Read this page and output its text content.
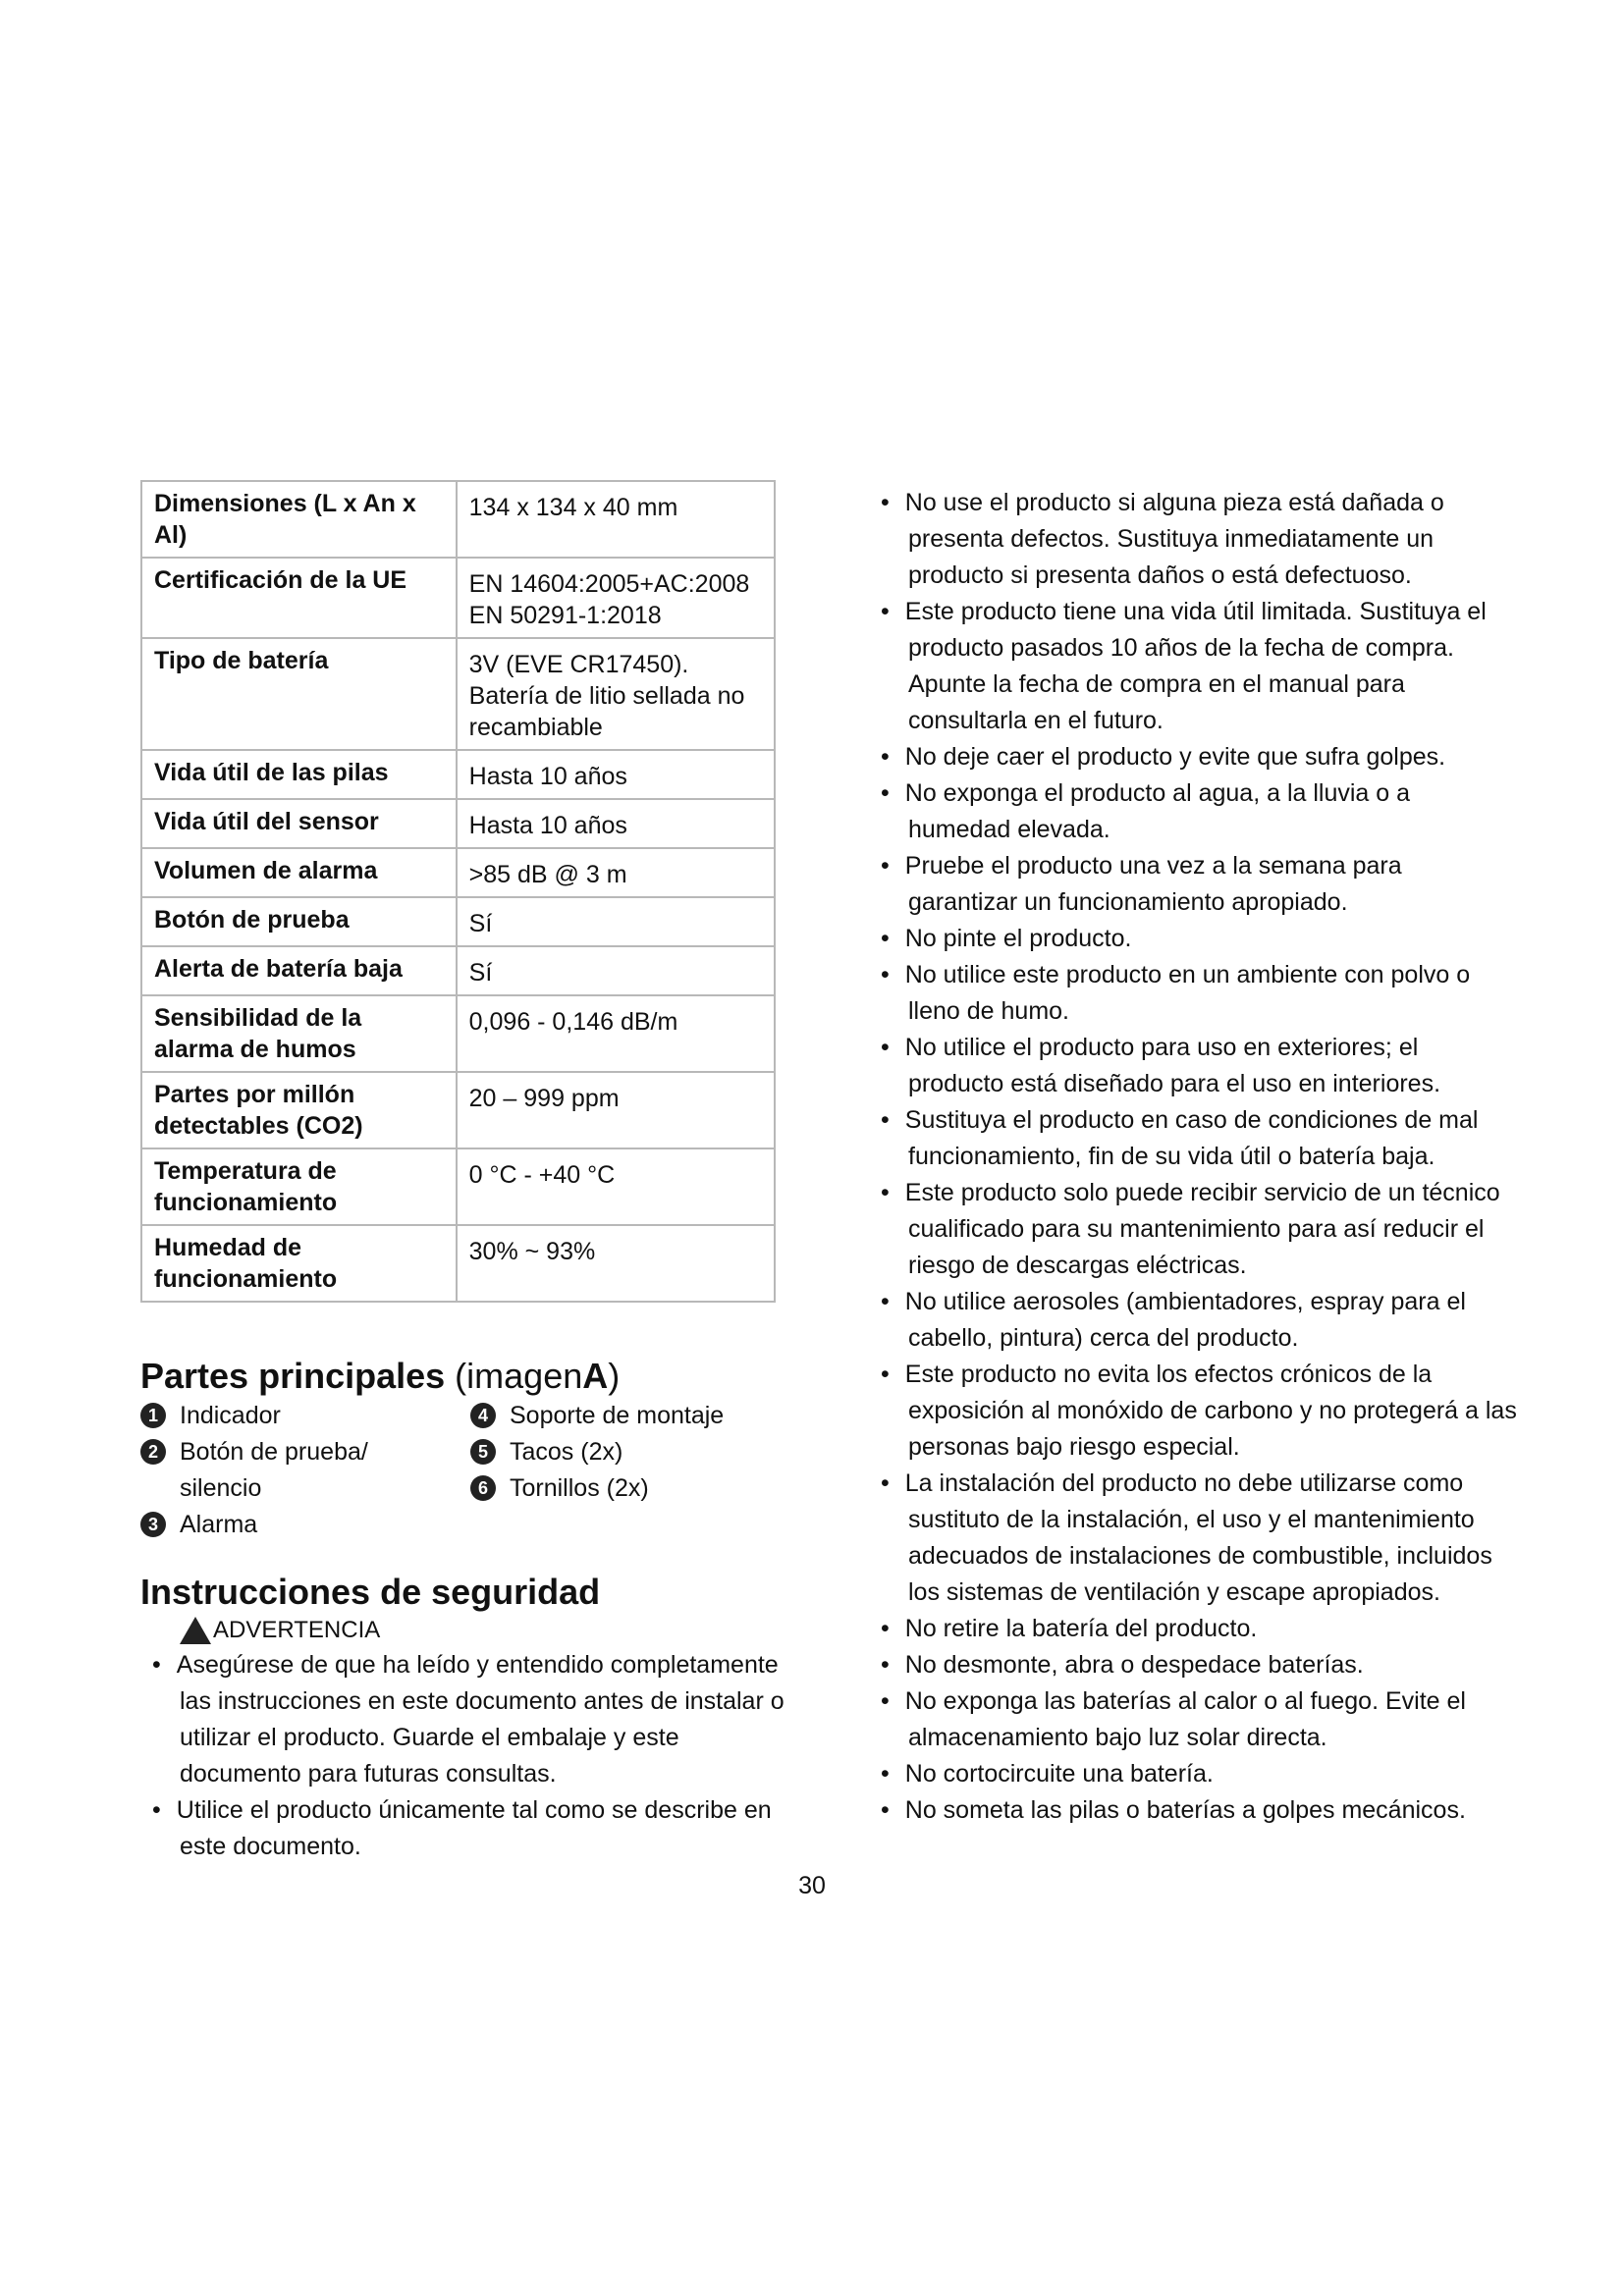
Dimensiones (L x An x Al)	134 x 134 x 40 mm
Certificación de la UE	EN 14604:2005+AC:2008 EN 50291-1:2018
Tipo de batería	3V (EVE CR17450). Batería de litio sellada no recambiable
Vida útil de las pilas	Hasta 10 años
Vida útil del sensor	Hasta 10 años
Volumen de alarma	>85 dB @ 3 m
Botón de prueba	Sí
Alerta de batería baja	Sí
Sensibilidad de la alarma de humos	0,096 - 0,146 dB/m
Partes por millón detectables (CO2)	20 – 999 ppm
Temperatura de funcionamiento	0 °C - +40 °C
Humedad de funcionamiento	30% ~ 93%
Partes principales (imagenA)
1 Indicador
2 Botón de prueba/ silencio
3 Alarma
4 Soporte de montaje
5 Tacos (2x)
6 Tornillos (2x)
Instrucciones de seguridad
ADVERTENCIA
• Asegúrese de que ha leído y entendido completamente las instrucciones en este documento antes de instalar o utilizar el producto. Guarde el embalaje y este documento para futuras consultas.
• Utilice el producto únicamente tal como se describe en este documento.
• No use el producto si alguna pieza está dañada o presenta defectos. Sustituya inmediatamente un producto si presenta daños o está defectuoso.
• Este producto tiene una vida útil limitada. Sustituya el producto pasados 10 años de la fecha de compra. Apunte la fecha de compra en el manual para consultarla en el futuro.
• No deje caer el producto y evite que sufra golpes.
• No exponga el producto al agua, a la lluvia o a humedad elevada.
• Pruebe el producto una vez a la semana para garantizar un funcionamiento apropiado.
• No pinte el producto.
• No utilice este producto en un ambiente con polvo o lleno de humo.
• No utilice el producto para uso en exteriores; el producto está diseñado para el uso en interiores.
• Sustituya el producto en caso de condiciones de mal funcionamiento, fin de su vida útil o batería baja.
• Este producto solo puede recibir servicio de un técnico cualificado para su mantenimiento para así reducir el riesgo de descargas eléctricas.
• No utilice aerosoles (ambientadores, espray para el cabello, pintura) cerca del producto.
• Este producto no evita los efectos crónicos de la exposición al monóxido de carbono y no protegerá a las personas bajo riesgo especial.
• La instalación del producto no debe utilizarse como sustituto de la instalación, el uso y el mantenimiento adecuados de instalaciones de combustible, incluidos los sistemas de ventilación y escape apropiados.
• No retire la batería del producto.
• No desmonte, abra o despedace baterías.
• No exponga las baterías al calor o al fuego. Evite el almacenamiento bajo luz solar directa.
• No cortocircuite una batería.
• No someta las pilas o baterías a golpes mecánicos.
30
